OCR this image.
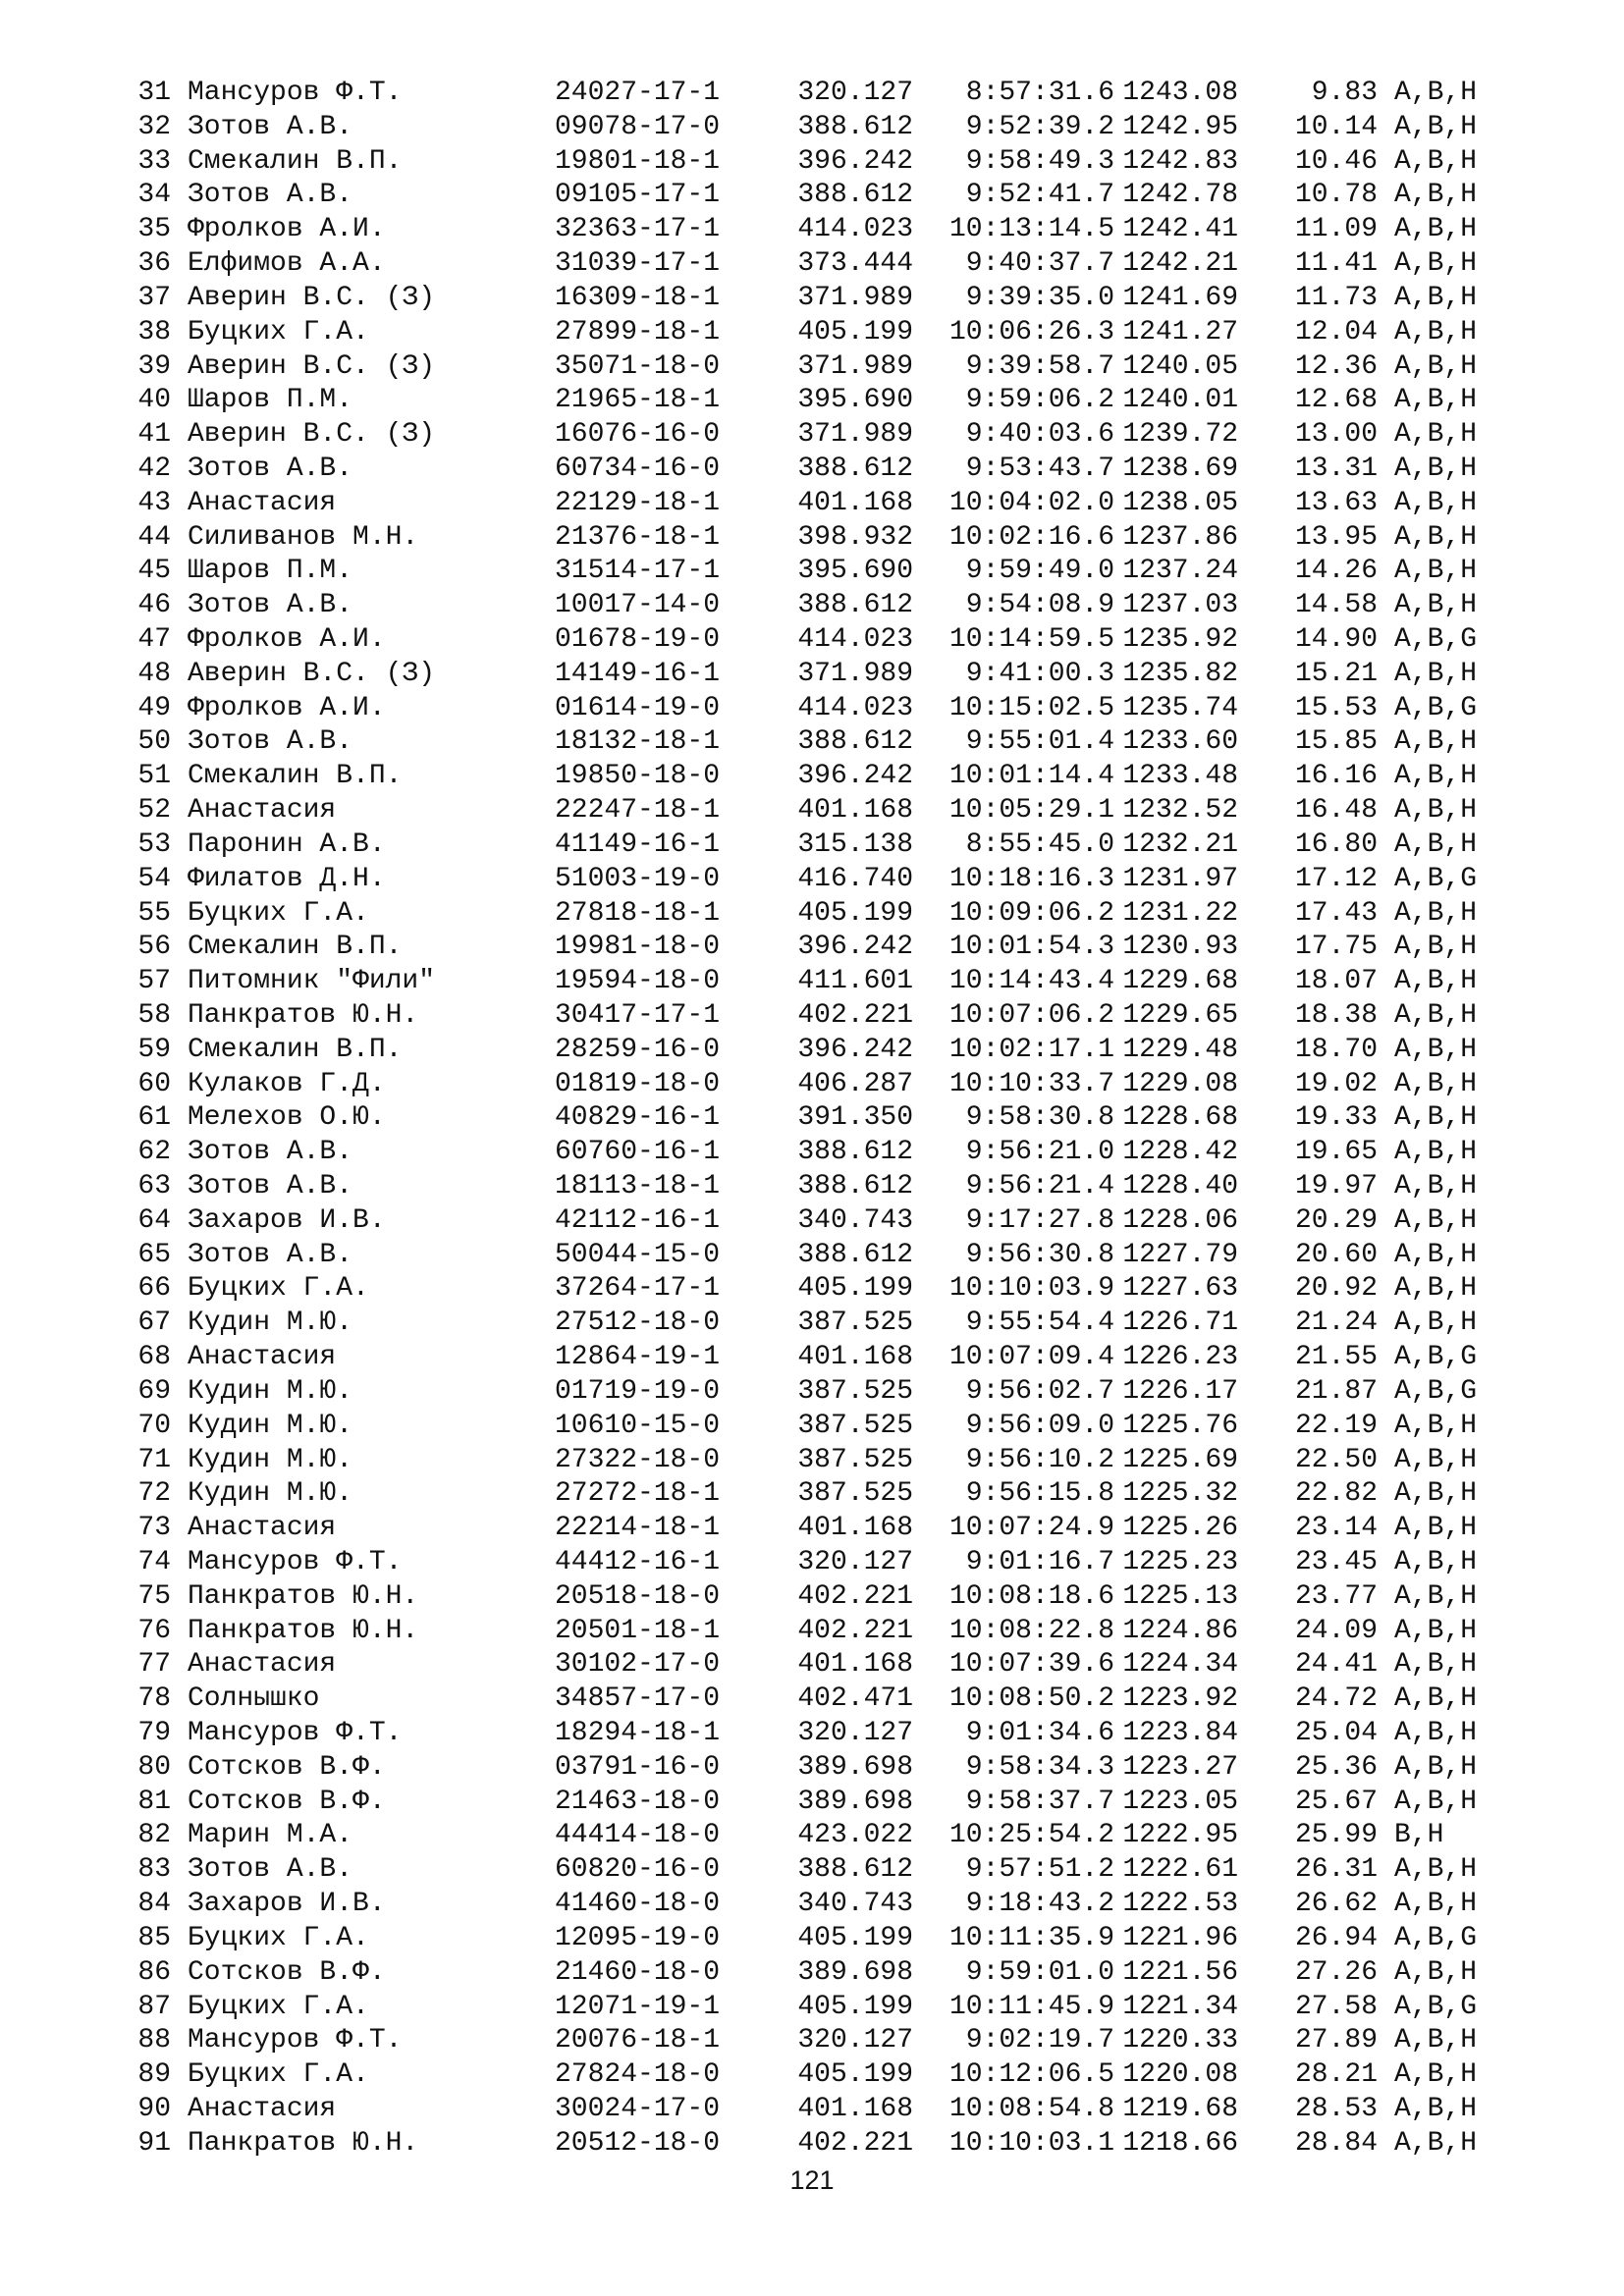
31 Мансуров Ф.Т.	24027-17-1	320.127 8:57:31.6 1243.08	9.83 A,B,H
32 Зотов А.В.	09078-17-0	388.612 9:52:39.2 1242.95 10.14 A,B,H
33 Смекалин В.П.	19801-18-1	396.242 9:58:49.3 1242.83 10.46 A,B,H
34 Зотов А.В.	09105-17-1	388.612 9:52:41.7 1242.78 10.78 A,B,H
35 Фролков А.И.	32363-17-1	414.023 10:13:14.5 1242.41 11.09 A,B,H
36 Елфимов А.А.	31039-17-1	373.444 9:40:37.7 1242.21 11.41 A,B,H
37 Аверин В.С. (З)	16309-18-1	371.989 9:39:35.0 1241.69 11.73 A,B,H
38 Буцких Г.А.	27899-18-1	405.199 10:06:26.3 1241.27 12.04 A,B,H
39 Аверин В.С. (З)	35071-18-0	371.989 9:39:58.7 1240.05 12.36 A,B,H
40 Шаров П.М.	21965-18-1	395.690 9:59:06.2 1240.01 12.68 A,B,H
41 Аверин В.С. (З)	16076-16-0	371.989 9:40:03.6 1239.72 13.00 A,B,H
42 Зотов А.В.	60734-16-0	388.612 9:53:43.7 1238.69 13.31 A,B,H
43 Анастасия	22129-18-1	401.168 10:04:02.0 1238.05 13.63 A,B,H
44 Силиванов М.Н.	21376-18-1	398.932 10:02:16.6 1237.86 13.95 A,B,H
45 Шаров П.М.	31514-17-1	395.690 9:59:49.0 1237.24 14.26 A,B,H
46 Зотов А.В.	10017-14-0	388.612 9:54:08.9 1237.03 14.58 A,B,H
47 Фролков А.И.	01678-19-0	414.023 10:14:59.5 1235.92 14.90 A,B,G
48 Аверин В.С. (З)	14149-16-1	371.989 9:41:00.3 1235.82 15.21 A,B,H
49 Фролков А.И.	01614-19-0	414.023 10:15:02.5 1235.74 15.53 A,B,G
50 Зотов А.В.	18132-18-1	388.612 9:55:01.4 1233.60 15.85 A,B,H
51 Смекалин В.П.	19850-18-0	396.242 10:01:14.4 1233.48 16.16 A,B,H
52 Анастасия	22247-18-1	401.168 10:05:29.1 1232.52 16.48 A,B,H
53 Паронин А.В.	41149-16-1	315.138 8:55:45.0 1232.21 16.80 A,B,H
54 Филатов Д.Н.	51003-19-0	416.740 10:18:16.3 1231.97 17.12 A,B,G
55 Буцких Г.А.	27818-18-1	405.199 10:09:06.2 1231.22 17.43 A,B,H
56 Смекалин В.П.	19981-18-0	396.242 10:01:54.3 1230.93 17.75 A,B,H
57 Питомник "Фили"	19594-18-0	411.601 10:14:43.4 1229.68 18.07 A,B,H
58 Панкратов Ю.Н.	30417-17-1	402.221 10:07:06.2 1229.65 18.38 A,B,H
59 Смекалин В.П.	28259-16-0	396.242 10:02:17.1 1229.48 18.70 A,B,H
60 Кулаков Г.Д.	01819-18-0	406.287 10:10:33.7 1229.08 19.02 A,B,H
61 Мелехов О.Ю.	40829-16-1	391.350 9:58:30.8 1228.68 19.33 A,B,H
62 Зотов А.В.	60760-16-1	388.612 9:56:21.0 1228.42 19.65 A,B,H
63 Зотов А.В.	18113-18-1	388.612 9:56:21.4 1228.40 19.97 A,B,H
64 Захаров И.В.	42112-16-1	340.743 9:17:27.8 1228.06 20.29 A,B,H
65 Зотов А.В.	50044-15-0	388.612 9:56:30.8 1227.79 20.60 A,B,H
66 Буцких Г.А.	37264-17-1	405.199 10:10:03.9 1227.63 20.92 A,B,H
67 Кудин М.Ю.	27512-18-0	387.525 9:55:54.4 1226.71 21.24 A,B,H
68 Анастасия	12864-19-1	401.168 10:07:09.4 1226.23 21.55 A,B,G
69 Кудин М.Ю.	01719-19-0	387.525 9:56:02.7 1226.17 21.87 A,B,G
70 Кудин М.Ю.	10610-15-0	387.525 9:56:09.0 1225.76 22.19 A,B,H
71 Кудин М.Ю.	27322-18-0	387.525 9:56:10.2 1225.69 22.50 A,B,H
72 Кудин М.Ю.	27272-18-1	387.525 9:56:15.8 1225.32 22.82 A,B,H
73 Анастасия	22214-18-1	401.168 10:07:24.9 1225.26 23.14 A,B,H
74 Мансуров Ф.Т.	44412-16-1	320.127 9:01:16.7 1225.23 23.45 A,B,H
75 Панкратов Ю.Н.	20518-18-0	402.221 10:08:18.6 1225.13 23.77 A,B,H
76 Панкратов Ю.Н.	20501-18-1	402.221 10:08:22.8 1224.86 24.09 A,B,H
77 Анастасия	30102-17-0	401.168 10:07:39.6 1224.34 24.41 A,B,H
78 Солнышко	34857-17-0	402.471 10:08:50.2 1223.92 24.72 A,B,H
79 Мансуров Ф.Т.	18294-18-1	320.127 9:01:34.6 1223.84 25.04 A,B,H
80 Сотсков В.Ф.	03791-16-0	389.698 9:58:34.3 1223.27 25.36 A,B,H
81 Сотсков В.Ф.	21463-18-0	389.698 9:58:37.7 1223.05 25.67 A,B,H
82 Марин М.А.	44414-18-0	423.022 10:25:54.2 1222.95 25.99 B,H
83 Зотов А.В.	60820-16-0	388.612 9:57:51.2 1222.61 26.31 A,B,H
84 Захаров И.В.	41460-18-0	340.743 9:18:43.2 1222.53 26.62 A,B,H
85 Буцких Г.А.	12095-19-0	405.199 10:11:35.9 1221.96 26.94 A,B,G
86 Сотсков В.Ф.	21460-18-0	389.698 9:59:01.0 1221.56 27.26 A,B,H
87 Буцких Г.А.	12071-19-1	405.199 10:11:45.9 1221.34 27.58 A,B,G
88 Мансуров Ф.Т.	20076-18-1	320.127 9:02:19.7 1220.33 27.89 A,B,H
89 Буцких Г.А.	27824-18-0	405.199 10:12:06.5 1220.08 28.21 A,B,H
90 Анастасия	30024-17-0	401.168 10:08:54.8 1219.68 28.53 A,B,H
91 Панкратов Ю.Н.	20512-18-0	402.221 10:10:03.1 1218.66 28.84 A,B,H
121
